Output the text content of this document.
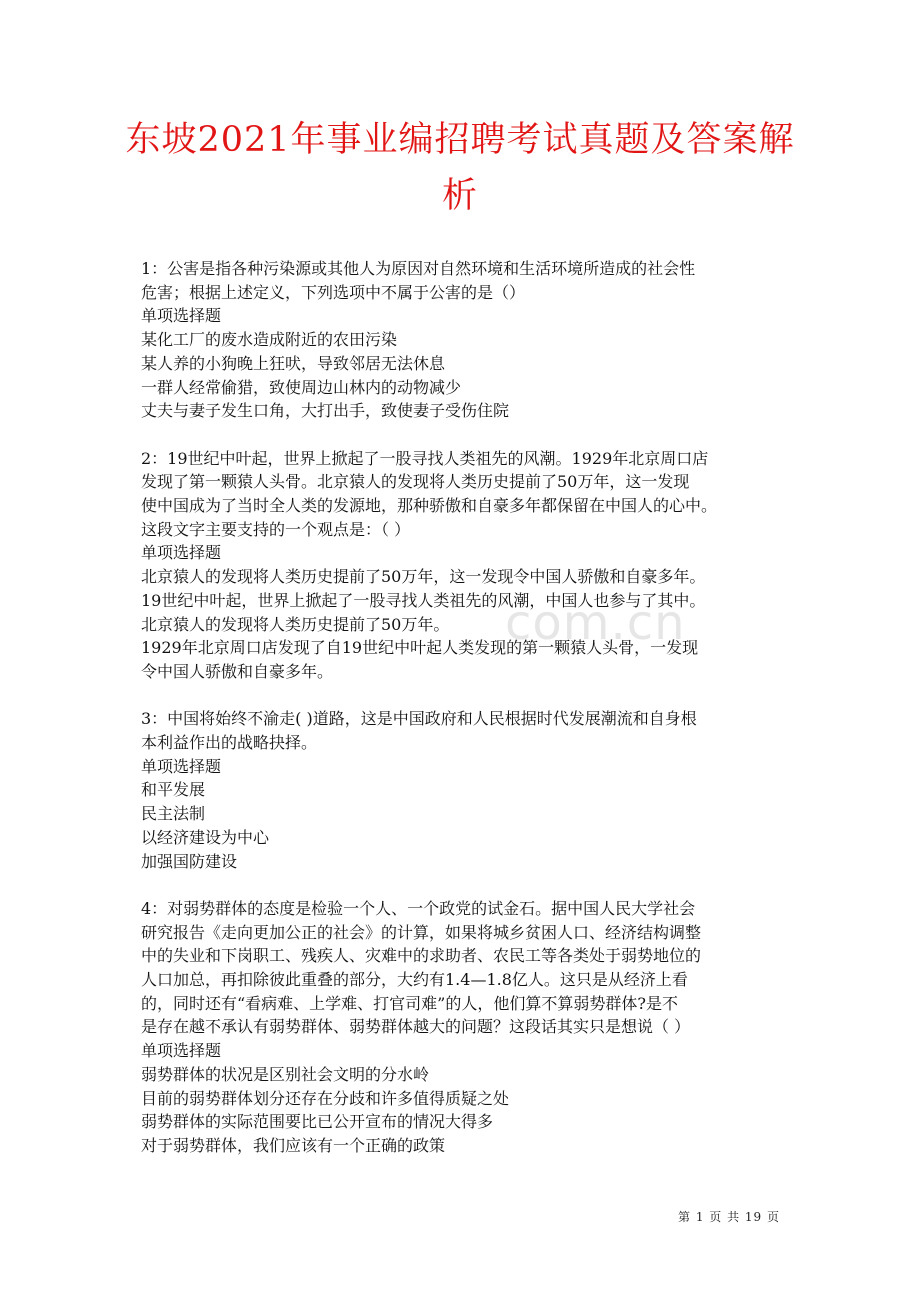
东坡2021年事业编招聘考试真题及答案解
析
com.cn

1：公害是指各种污染源或其他人为原因对自然环境和生活环境所造成的社会性

危害；根据上述定义，下列选项中不属于公害的是（）

单项选择题

某化工厂的废水造成附近的农田污染

某人养的小狗晚上狂吠，导致邻居无法休息

一群人经常偷猎，致使周边山林内的动物减少

丈夫与妻子发生口角，大打出手，致使妻子受伤住院

2：19世纪中叶起，世界上掀起了一股寻找人类祖先的风潮。1929年北京周口店

发现了第一颗猿人头骨。北京猿人的发现将人类历史提前了50万年，这一发现

使中国成为了当时全人类的发源地，那种骄傲和自豪多年都保留在中国人的心中。

这段文字主要支持的一个观点是：（ ）

单项选择题

北京猿人的发现将人类历史提前了50万年，这一发现令中国人骄傲和自豪多年。

19世纪中叶起，世界上掀起了一股寻找人类祖先的风潮，中国人也参与了其中。

北京猿人的发现将人类历史提前了50万年。

1929年北京周口店发现了自19世纪中叶起人类发现的第一颗猿人头骨，一发现

令中国人骄傲和自豪多年。

3：中国将始终不渝走( )道路，这是中国政府和人民根据时代发展潮流和自身根

本利益作出的战略抉择。

单项选择题

和平发展

民主法制

以经济建设为中心

加强国防建设

4：对弱势群体的态度是检验一个人、一个政党的试金石。据中国人民大学社会

研究报告《走向更加公正的社会》的计算，如果将城乡贫困人口、经济结构调整

中的失业和下岗职工、残疾人、灾难中的求助者、农民工等各类处于弱势地位的

人口加总，再扣除彼此重叠的部分，大约有1.4—1.8亿人。这只是从经济上看

的，同时还有“看病难、上学难、打官司难”的人，他们算不算弱势群体?是不

是存在越不承认有弱势群体、弱势群体越大的问题？这段话其实只是想说（ ）

单项选择题

弱势群体的状况是区别社会文明的分水岭

目前的弱势群体划分还存在分歧和许多值得质疑之处

弱势群体的实际范围要比已公开宣布的情况大得多

对于弱势群体，我们应该有一个正确的政策

第 1 页 共 19 页
